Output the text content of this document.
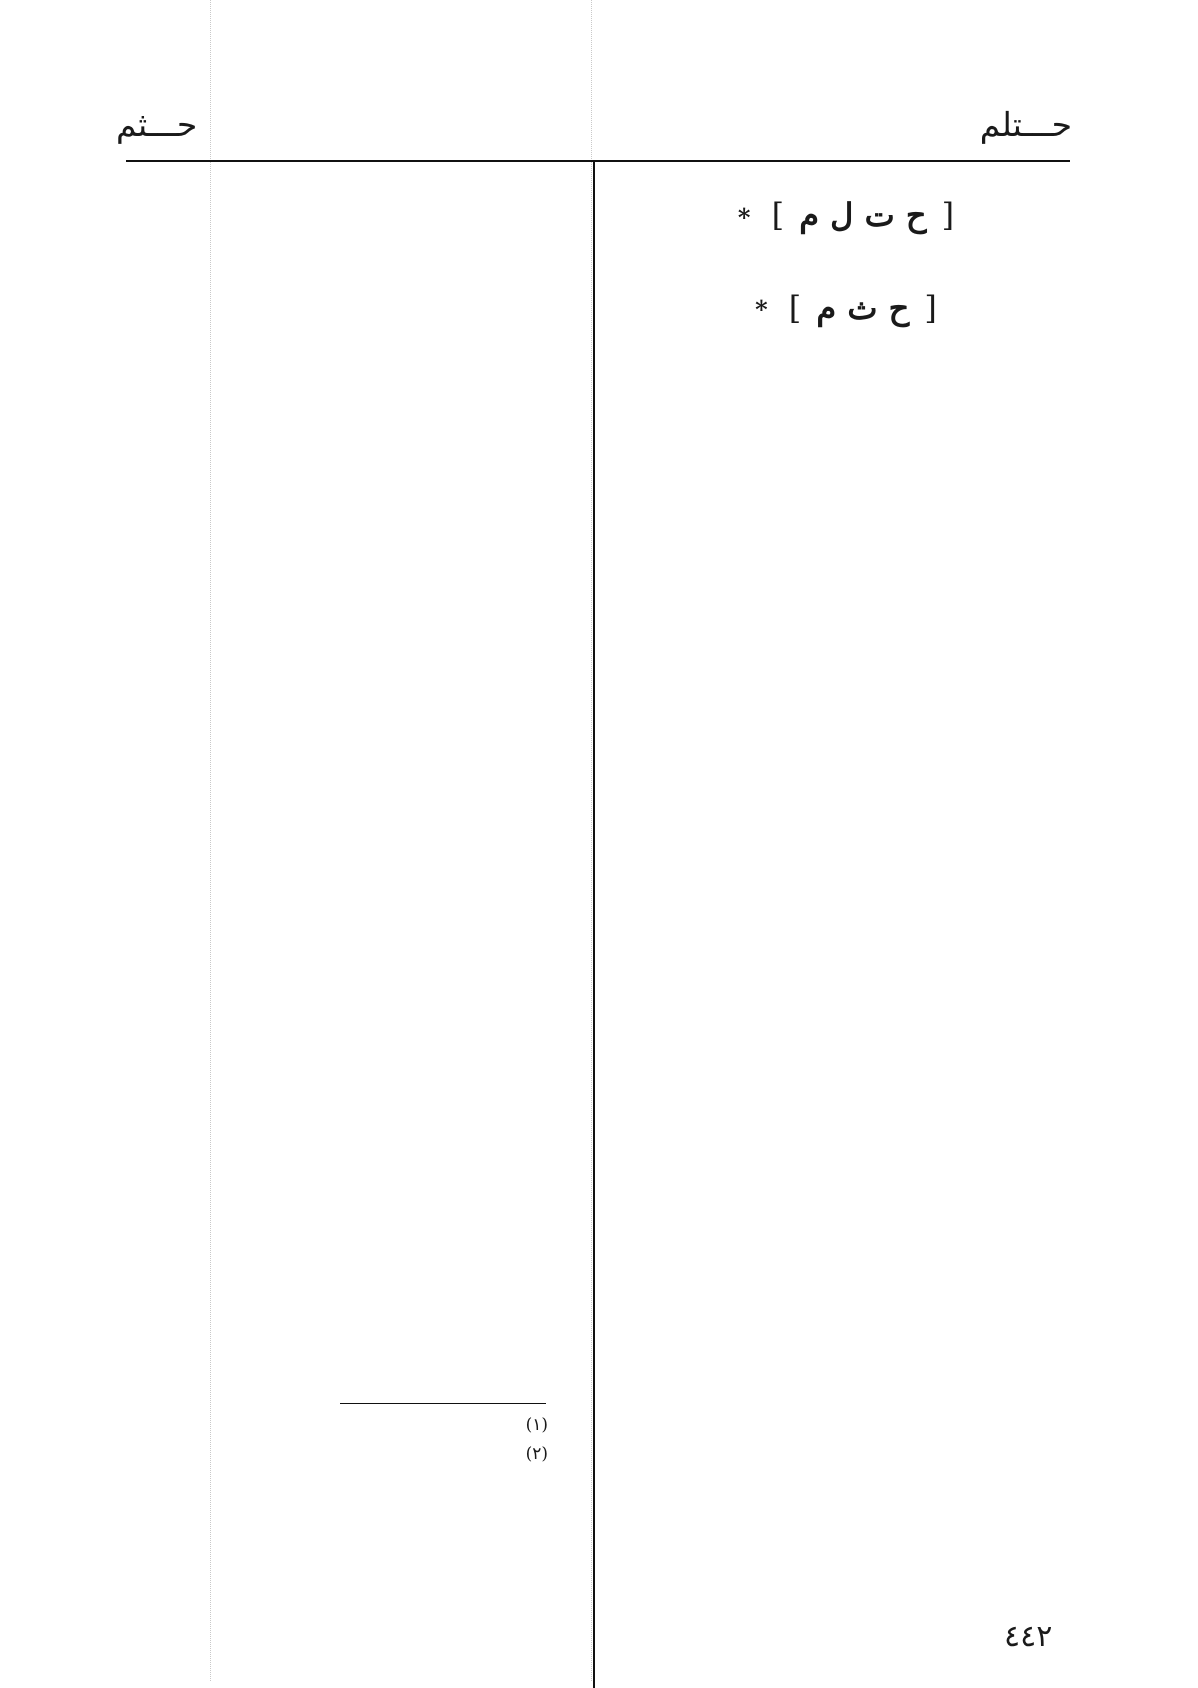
حـــتلم
حـــثم
[ ح ت ل م ] *

[ ح ث م ] *

(١)

(٢)

٤٤٢
